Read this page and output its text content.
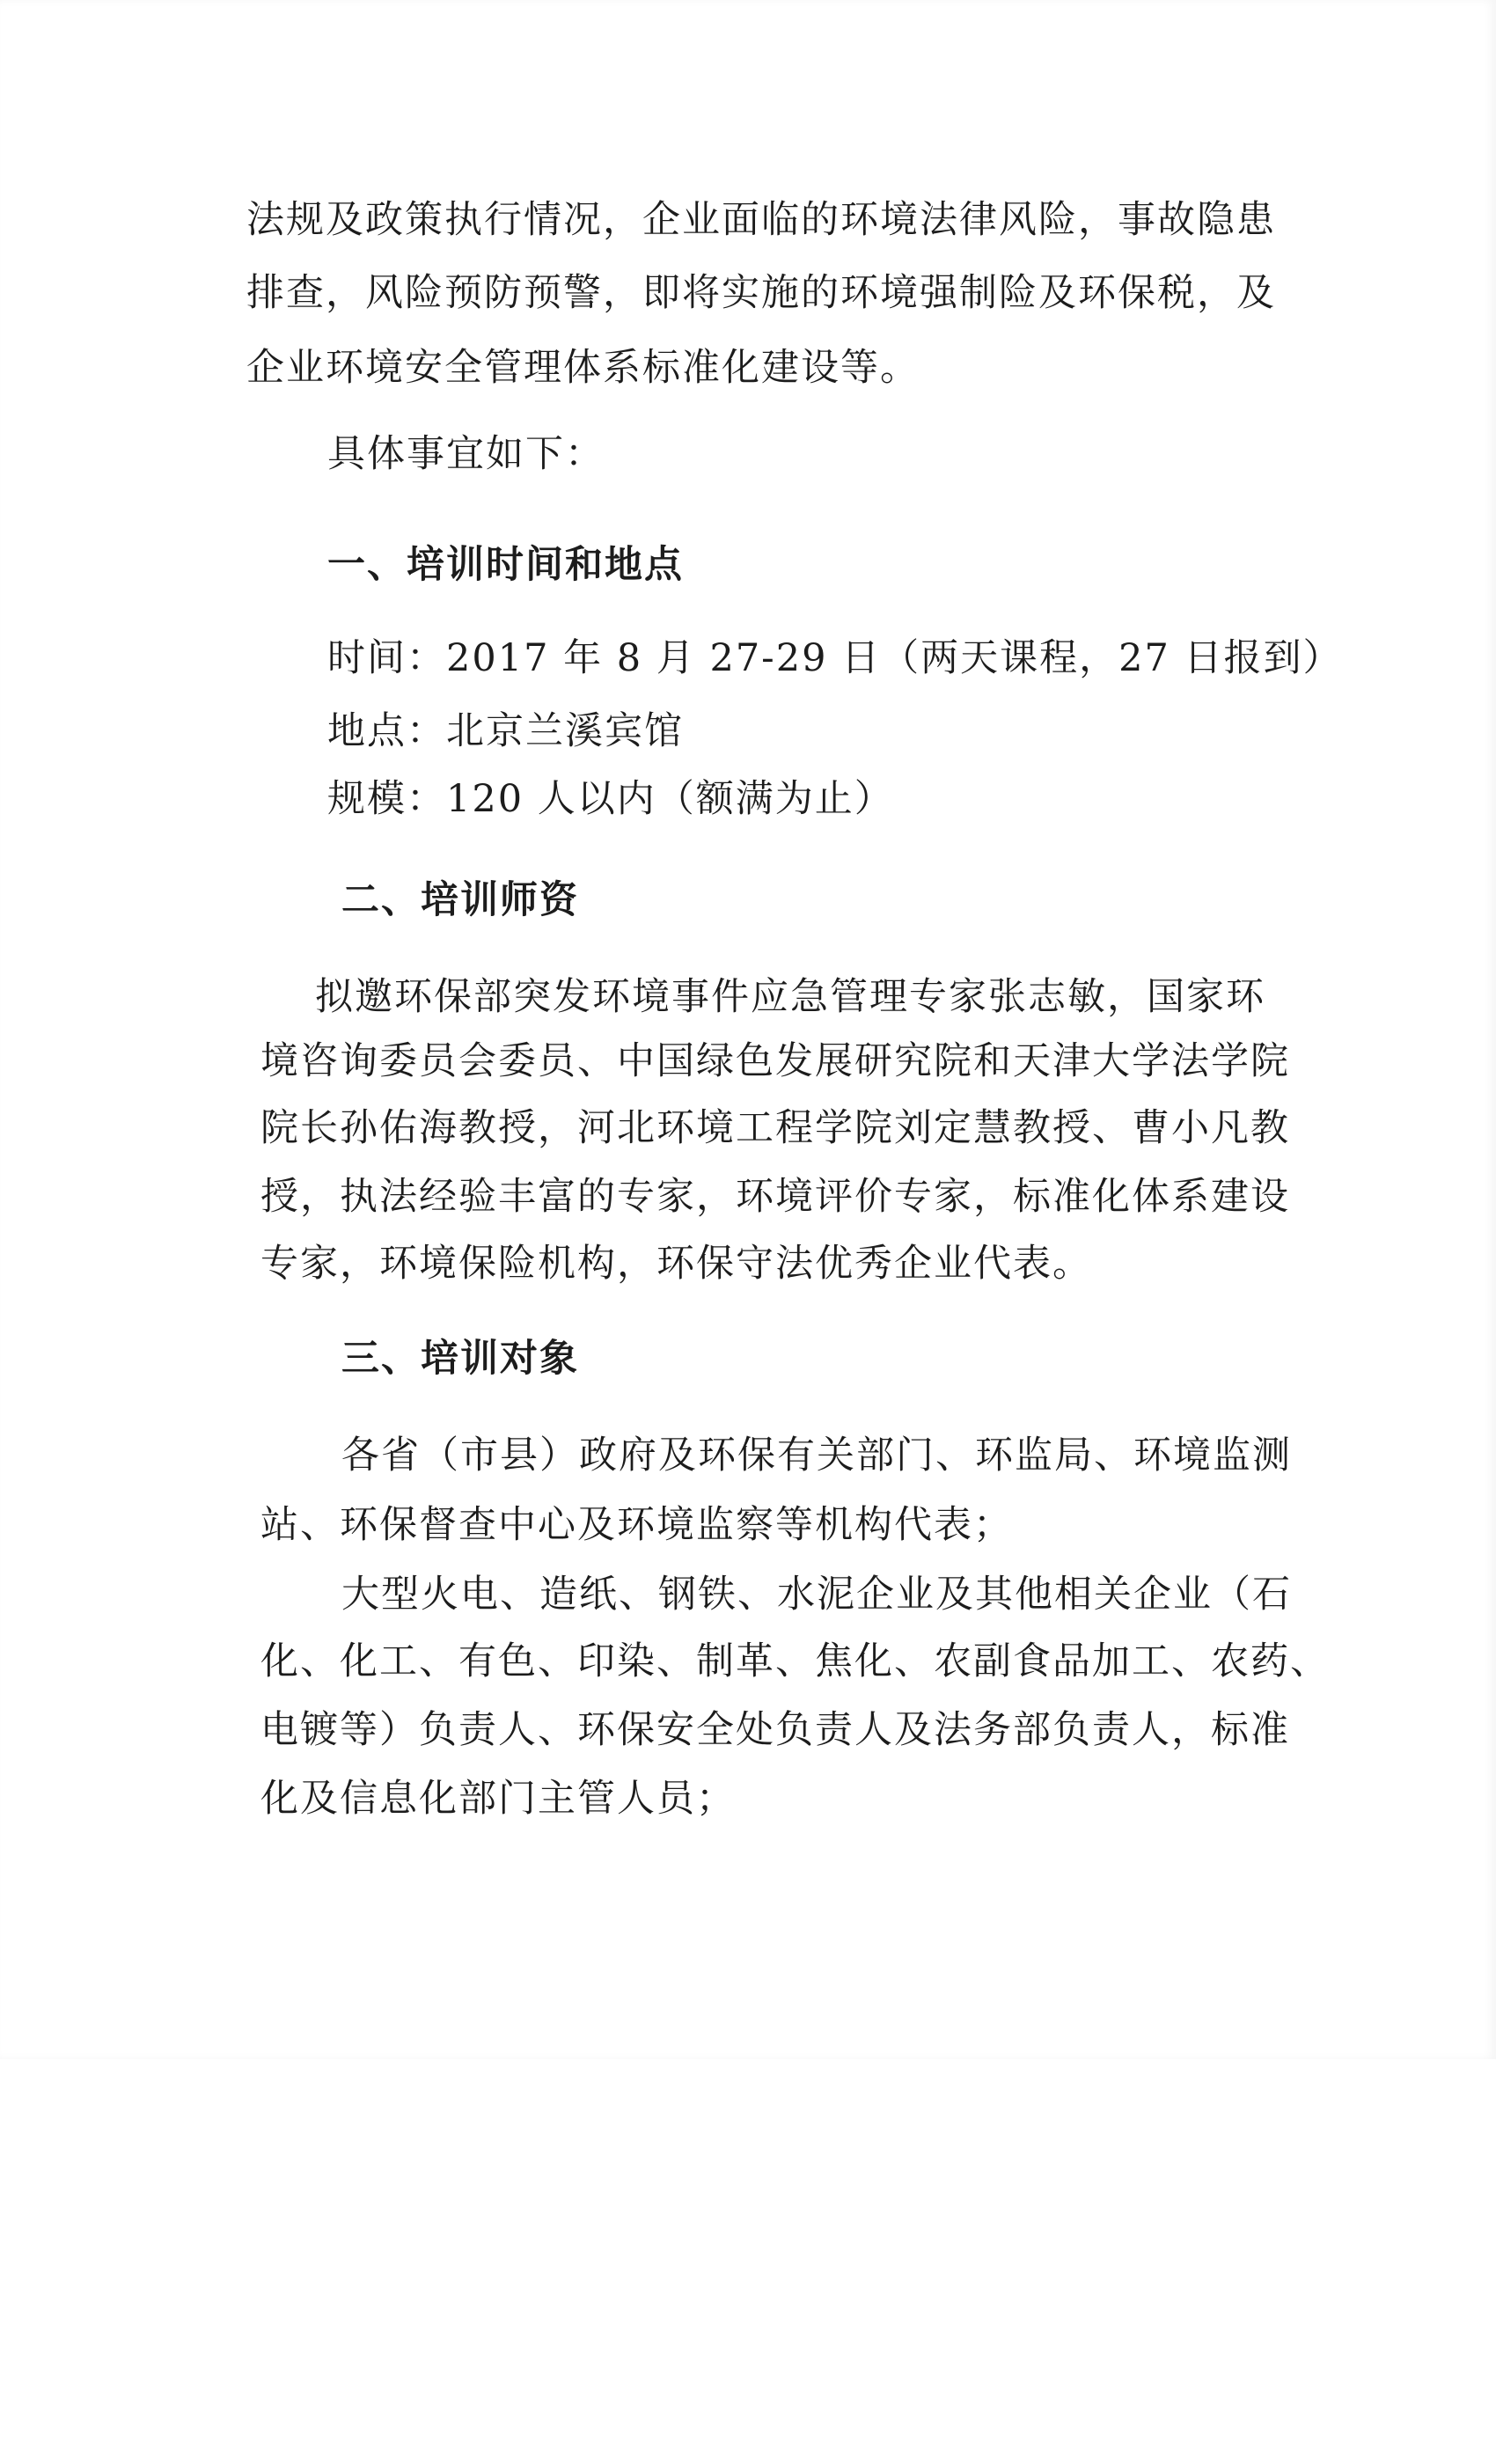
法规及政策执行情况，企业面临的环境法律风险，事故隐患
排查，风险预防预警，即将实施的环境强制险及环保税，及
企业环境安全管理体系标准化建设等。
具体事宜如下：
一、培训时间和地点
时间：2017 年 8 月 27-29 日（两天课程，27 日报到）
地点：北京兰溪宾馆
规模：120 人以内（额满为止）
二、培训师资
拟邀环保部突发环境事件应急管理专家张志敏，国家环
境咨询委员会委员、中国绿色发展研究院和天津大学法学院
院长孙佑海教授，河北环境工程学院刘定慧教授、曹小凡教
授，执法经验丰富的专家，环境评价专家，标准化体系建设
专家，环境保险机构，环保守法优秀企业代表。
三、培训对象
各省（市县）政府及环保有关部门、环监局、环境监测
站、环保督查中心及环境监察等机构代表；
大型火电、造纸、钢铁、水泥企业及其他相关企业（石
化、化工、有色、印染、制革、焦化、农副食品加工、农药、
电镀等）负责人、环保安全处负责人及法务部负责人，标准
化及信息化部门主管人员；
